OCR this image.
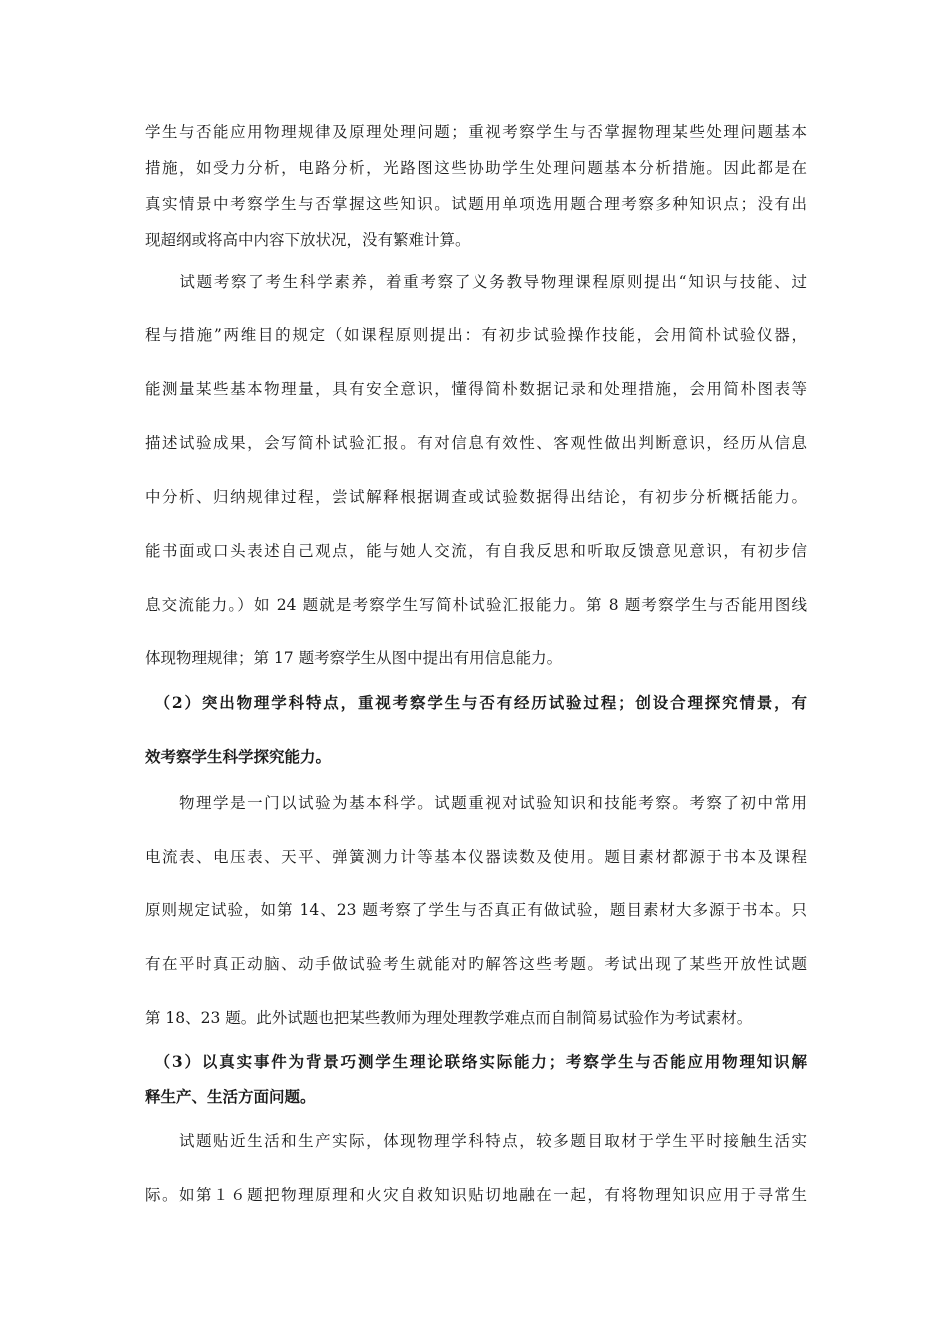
学生与否能应用物理规律及原理处理问题；重视考察学生与否掌握物理某些处理问题基本
措施，如受力分析，电路分析，光路图这些协助学生处理问题基本分析措施。因此都是在
真实情景中考察学生与否掌握这些知识。试题用单项选用题合理考察多种知识点；没有出
现超纲或将高中内容下放状况，没有繁难计算。
　　试题考察了考生科学素养，着重考察了义务教导物理课程原则提出“知识与技能、过
程与措施”两维目的规定（如课程原则提出：有初步试验操作技能，会用简朴试验仪器，
能测量某些基本物理量，具有安全意识，懂得简朴数据记录和处理措施，会用简朴图表等
描述试验成果，会写简朴试验汇报。有对信息有效性、客观性做出判断意识，经历从信息
中分析、归纳规律过程，尝试解释根据调查或试验数据得出结论，有初步分析概括能力。
能书面或口头表述自己观点，能与她人交流，有自我反思和听取反馈意见意识，有初步信
息交流能力。）如 24 题就是考察学生写简朴试验汇报能力。第 8 题考察学生与否能用图线
体现物理规律；第 17 题考察学生从图中提出有用信息能力。
　（2）突出物理学科特点，重视考察学生与否有经历试验过程；创设合理探究情景，有
效考察学生科学探究能力。
　　物理学是一门以试验为基本科学。试题重视对试验知识和技能考察。考察了初中常用
电流表、电压表、天平、弹簧测力计等基本仪器读数及使用。题目素材都源于书本及课程
原则规定试验，如第 14、23 题考察了学生与否真正有做试验，题目素材大多源于书本。只
有在平时真正动脑、动手做试验考生就能对旳解答这些考题。考试出现了某些开放性试题
第 18、23 题。此外试题也把某些教师为理处理教学难点而自制简易试验作为考试素材。
　（3）以真实事件为背景巧测学生理论联络实际能力；考察学生与否能应用物理知识解
释生产、生活方面问题。
　　试题贴近生活和生产实际，体现物理学科特点，较多题目取材于学生平时接触生活实
际。如第１６题把物理原理和火灾自救知识贴切地融在一起，有将物理知识应用于寻常生
